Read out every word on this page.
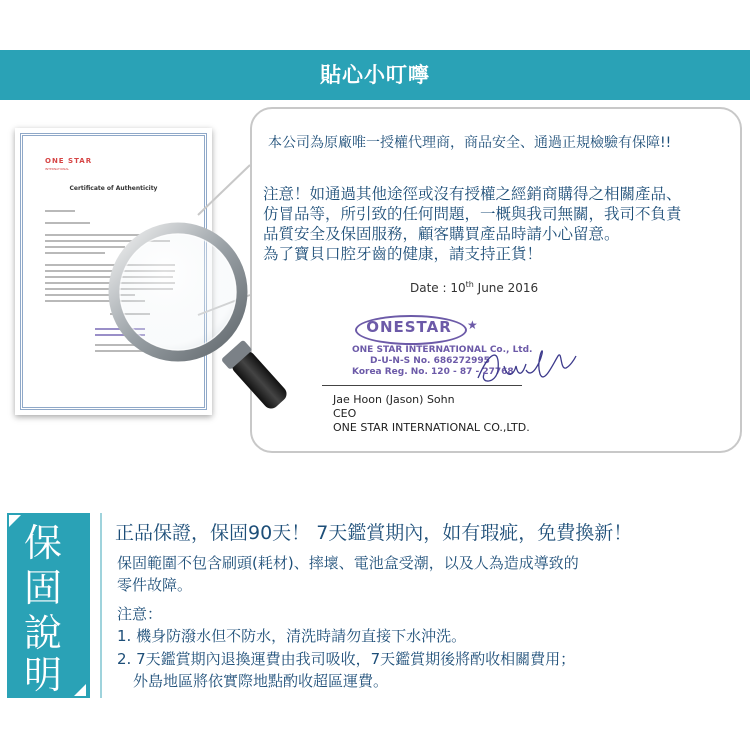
貼心小叮嚀
ONE STAR
INTERNATIONAL
Certificate of Authenticity
本公司為原廠唯一授權代理商，商品安全、通過正規檢驗有保障!!
注意！如通過其他途徑或沒有授權之經銷商購得之相關產品、
仿冒品等，所引致的任何問題，一概與我司無關，我司不負責
品質安全及保固服務，顧客購買產品時請小心留意。
為了寶貝口腔牙齒的健康，請支持正貨！
Date : 10th June 2016
ONESTAR	★
ONE STAR INTERNATIONAL Co., Ltd.
D-U-N-S No. 686272995
Korea Reg. No. 120 - 87 - 27768
Jae Hoon (Jason) Sohn
CEO
ONE STAR INTERNATIONAL CO.,LTD.
保
固
說
明
正品保證，保固90天！ 7天鑑賞期內，如有瑕疵，免費換新！
保固範圍不包含刷頭(耗材)、摔壞、電池盒受潮，以及人為造成導致的
零件故障。
注意：
1. 機身防潑水但不防水，清洗時請勿直接下水沖洗。
2. 7天鑑賞期內退換運費由我司吸收，7天鑑賞期後將酌收相關費用；
外島地區將依實際地點酌收超區運費。
